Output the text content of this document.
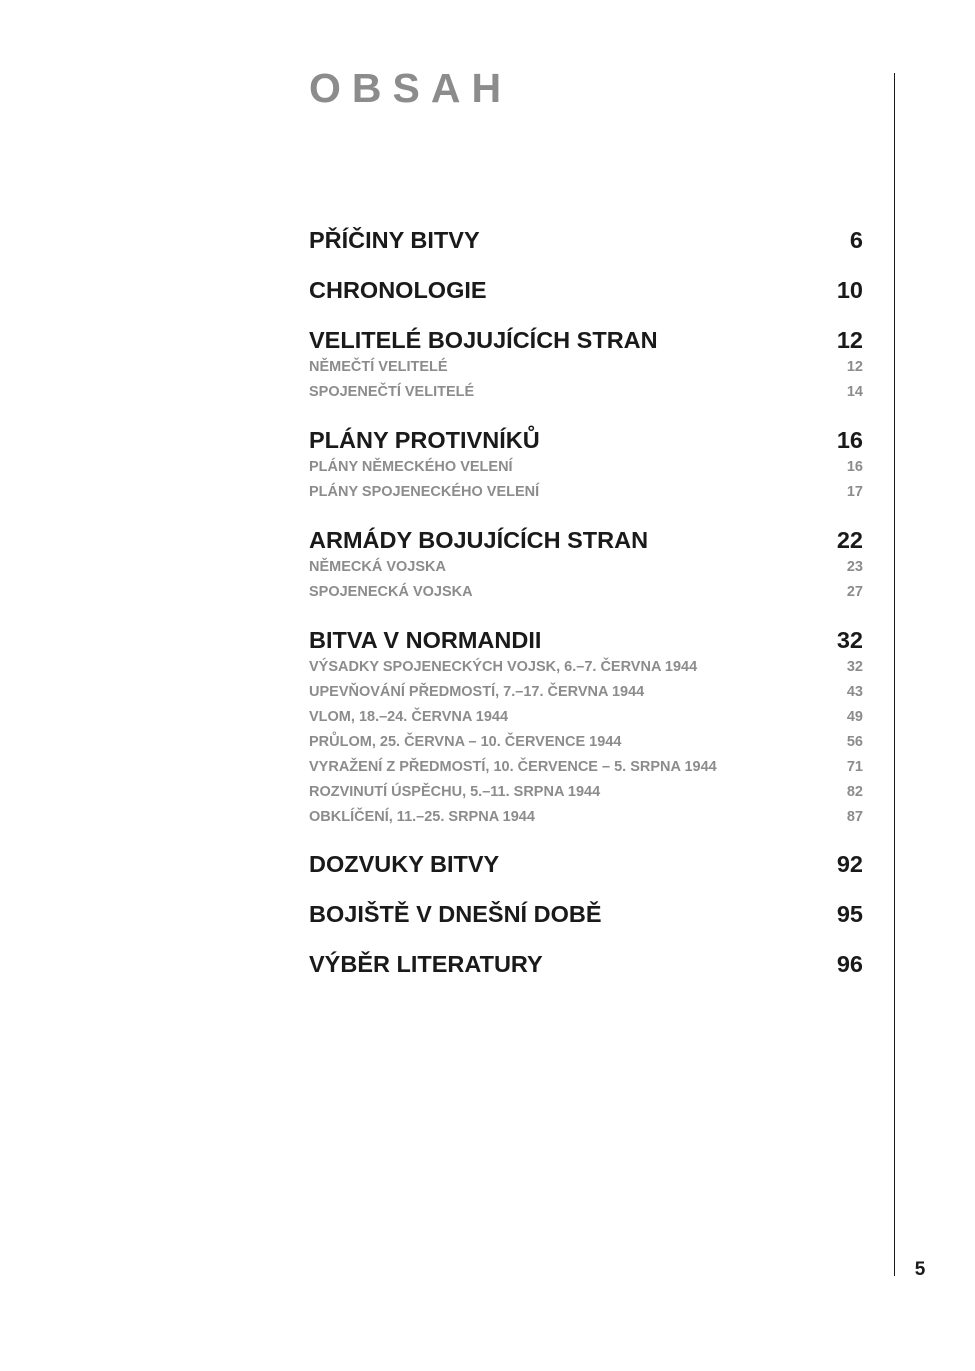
OBSAH
5
PŘÍČINY BITVY	6
CHRONOLOGIE	10
VELITELÉ BOJUJÍCÍCH STRAN	12
NĚMEČTÍ VELITELÉ	12
SPOJENEČTÍ VELITELÉ	14
PLÁNY PROTIVNÍKŮ	16
PLÁNY NĚMECKÉHO VELENÍ	16
PLÁNY SPOJENECKÉHO VELENÍ	17
ARMÁDY BOJUJÍCÍCH STRAN	22
NĚMECKÁ VOJSKA	23
SPOJENECKÁ VOJSKA	27
BITVA V NORMANDII	32
VÝSADKY SPOJENECKÝCH VOJSK, 6.–7. ČERVNA 1944	32
UPEVŇOVÁNÍ PŘEDMOSTÍ, 7.–17. ČERVNA 1944	43
VLOM, 18.–24. ČERVNA 1944	49
PRŮLOM, 25. ČERVNA – 10. ČERVENCE 1944	56
VYRAŽENÍ Z PŘEDMOSTÍ, 10. ČERVENCE – 5. SRPNA 1944	71
ROZVINUTÍ ÚSPĚCHU, 5.–11. SRPNA 1944	82
OBKLÍČENÍ, 11.–25. SRPNA 1944	87
DOZVUKY BITVY	92
BOJIŠTĚ V DNEŠNÍ DOBĚ	95
VÝBĚR LITERATURY	96
